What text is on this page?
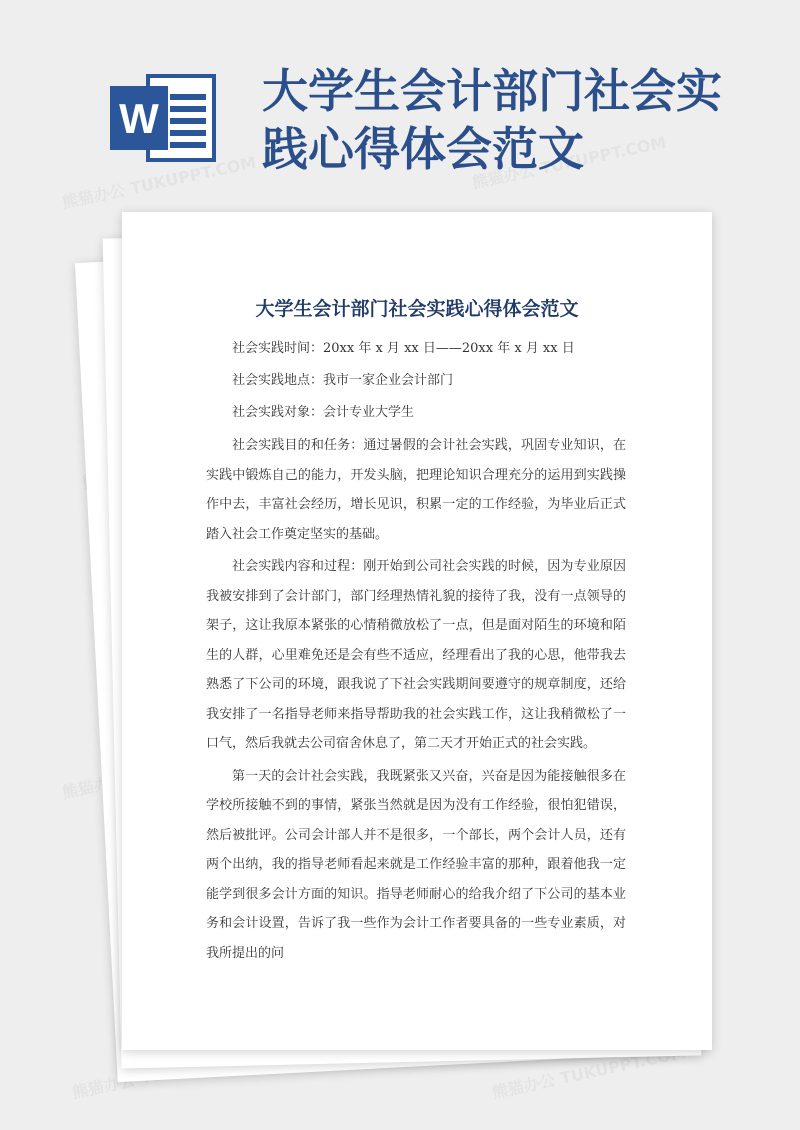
W
大学生会计部门社会实践心得体会范文
大学生会计部门社会实践心得体会范文

社会实践时间：20xx 年 x 月 xx 日——20xx 年 x 月 xx 日

社会实践地点：我市一家企业会计部门

社会实践对象：会计专业大学生

社会实践目的和任务：通过暑假的会计社会实践，巩固专业知识，在实践中锻炼自己的能力，开发头脑，把理论知识合理充分的运用到实践操作中去，丰富社会经历，增长见识，积累一定的工作经验，为毕业后正式踏入社会工作奠定坚实的基础。

社会实践内容和过程：刚开始到公司社会实践的时候，因为专业原因我被安排到了会计部门，部门经理热情礼貌的接待了我，没有一点领导的架子，这让我原本紧张的心情稍微放松了一点，但是面对陌生的环境和陌生的人群，心里难免还是会有些不适应，经理看出了我的心思，他带我去熟悉了下公司的环境，跟我说了下社会实践期间要遵守的规章制度，还给我安排了一名指导老师来指导帮助我的社会实践工作，这让我稍微松了一口气，然后我就去公司宿舍休息了，第二天才开始正式的社会实践。

第一天的会计社会实践，我既紧张又兴奋，兴奋是因为能接触很多在学校所接触不到的事情，紧张当然就是因为没有工作经验，很怕犯错误，然后被批评。公司会计部人并不是很多，一个部长，两个会计人员，还有两个出纳，我的指导老师看起来就是工作经验丰富的那种，跟着他我一定能学到很多会计方面的知识。指导老师耐心的给我介绍了下公司的基本业务和会计设置，告诉了我一些作为会计工作者要具备的一些专业素质，对我所提出的问
